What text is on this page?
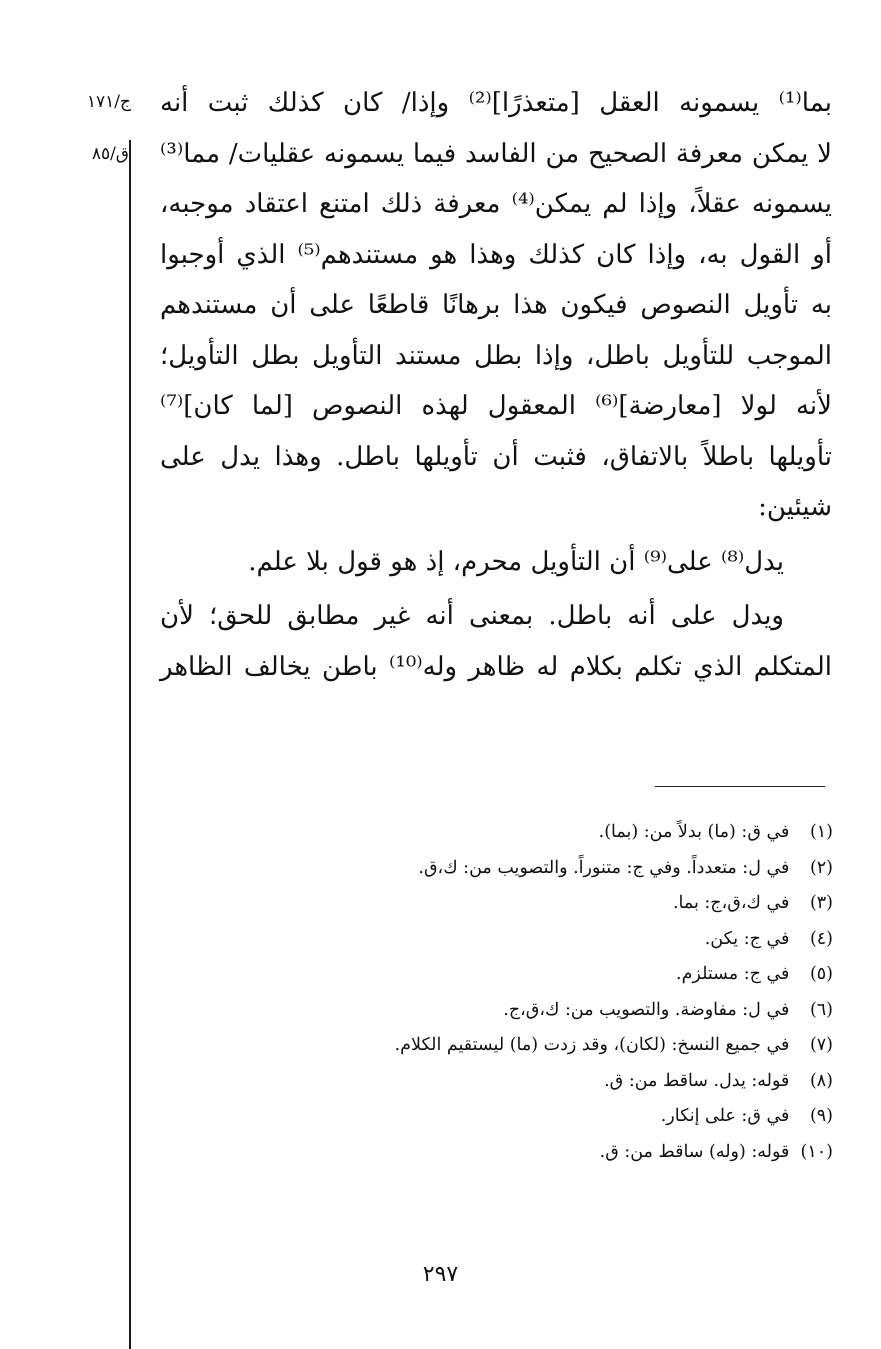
ج/١٧١
ق/٨٥
بما⁽¹⁾ يسمونه العقل [متعذرًا]⁽²⁾ وإذا/ كان كذلك ثبت أنه
لا يمكن معرفة الصحيح من الفاسد فيما يسمونه عقليات/ مما⁽³⁾
يسمونه عقلاً، وإذا لم يمكن⁽⁴⁾ معرفة ذلك امتنع اعتقاد موجبه،
أو القول به، وإذا كان كذلك وهذا هو مستندهم⁽⁵⁾ الذي أوجبوا
به تأويل النصوص فيكون هذا برهانًا قاطعًا على أن مستندهم
الموجب للتأويل باطل، وإذا بطل مستند التأويل بطل التأويل؛
لأنه لولا [معارضة]⁽⁶⁾ المعقول لهذه النصوص [لما كان]⁽⁷⁾
تأويلها باطلاً بالاتفاق، فثبت أن تأويلها باطل. وهذا يدل على
شيئين:
يدل⁽⁸⁾ على⁽⁹⁾ أن التأويل محرم، إذ هو قول بلا علم.
ويدل على أنه باطل. بمعنى أنه غير مطابق للحق؛ لأن
المتكلم الذي تكلم بكلام له ظاهر وله⁽¹⁰⁾ باطن يخالف الظاهر
(١) في ق: (ما) بدلاً من: (بما).
(٢) في ل: متعدداً. وفي ج: متنوراً. والتصويب من: ك،ق.
(٣) في ك،ق،ج: بما.
(٤) في ج: يكن.
(٥) في ج: مستلزم.
(٦) في ل: مفاوضة. والتصويب من: ك،ق،ج.
(٧) في جميع النسخ: (لكان)، وقد زدت (ما) ليستقيم الكلام.
(٨) قوله: يدل. ساقط من: ق.
(٩) في ق: على إنكار.
(١٠) قوله: (وله) ساقط من: ق.
٢٩٧
